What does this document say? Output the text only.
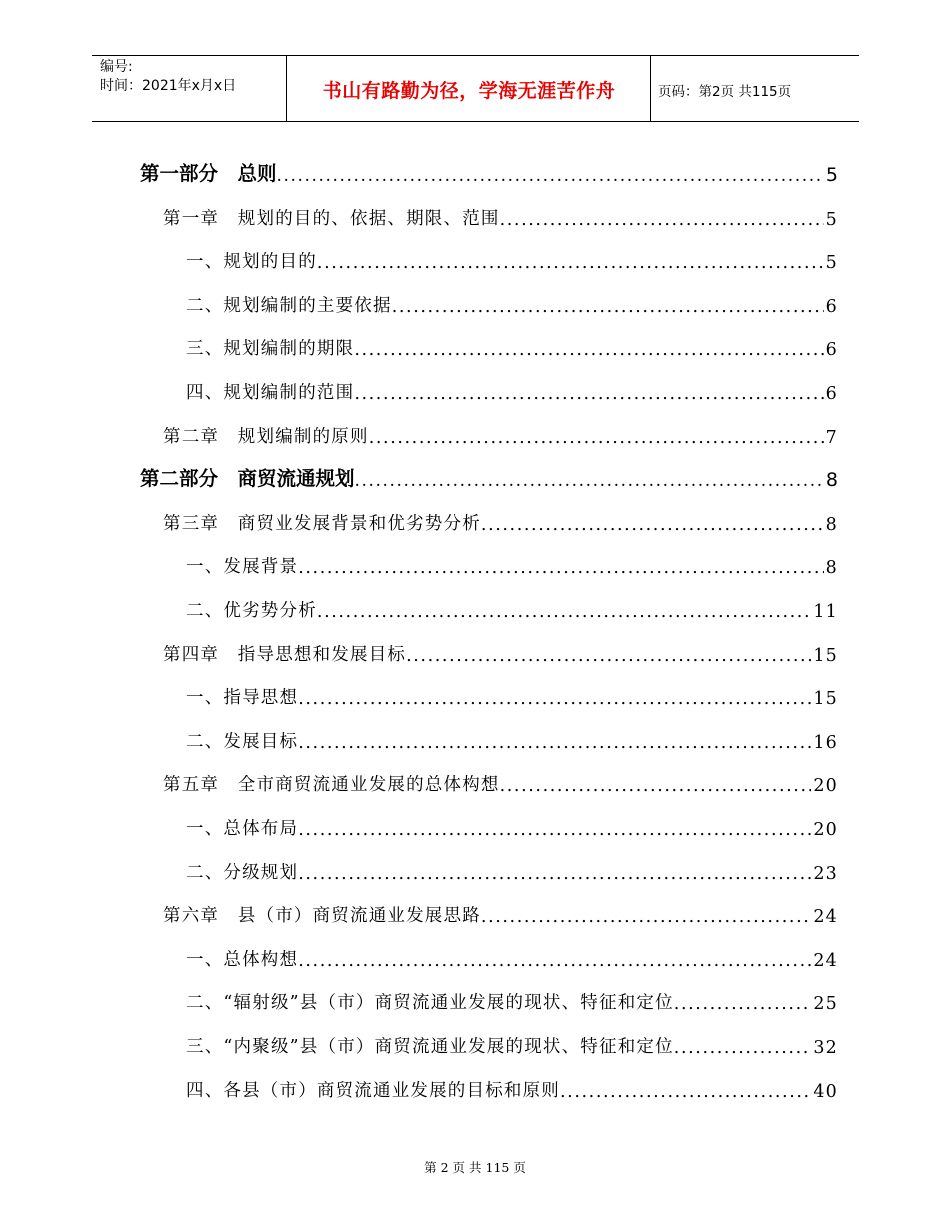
编号:
时间：2021年x月x日	书山有路勤为径，学海无涯苦作舟	页码：第2页 共115页
第一部分　总则 .....	5
第一章　规划的目的、依据、期限、范围 .....	5
一、规划的目的 .....	5
二、规划编制的主要依据 .....	6
三、规划编制的期限 .....	6
四、规划编制的范围 .....	6
第二章　规划编制的原则 .....	7
第二部分　商贸流通规划 .....	8
第三章　商贸业发展背景和优劣势分析 .....	8
一、发展背景 .....	8
二、优劣势分析 .....	11
第四章　指导思想和发展目标 .....	15
一、指导思想 .....	15
二、发展目标 .....	16
第五章　全市商贸流通业发展的总体构想 .....	20
一、总体布局 .....	20
二、分级规划 .....	23
第六章　县（市）商贸流通业发展思路 .....	24
一、总体构想 .....	24
二、“辐射级”县（市）商贸流通业发展的现状、特征和定位 .....	25
三、“内聚级”县（市）商贸流通业发展的现状、特征和定位 .....	32
四、各县（市）商贸流通业发展的目标和原则 .....	40
第 2 页 共 115 页
